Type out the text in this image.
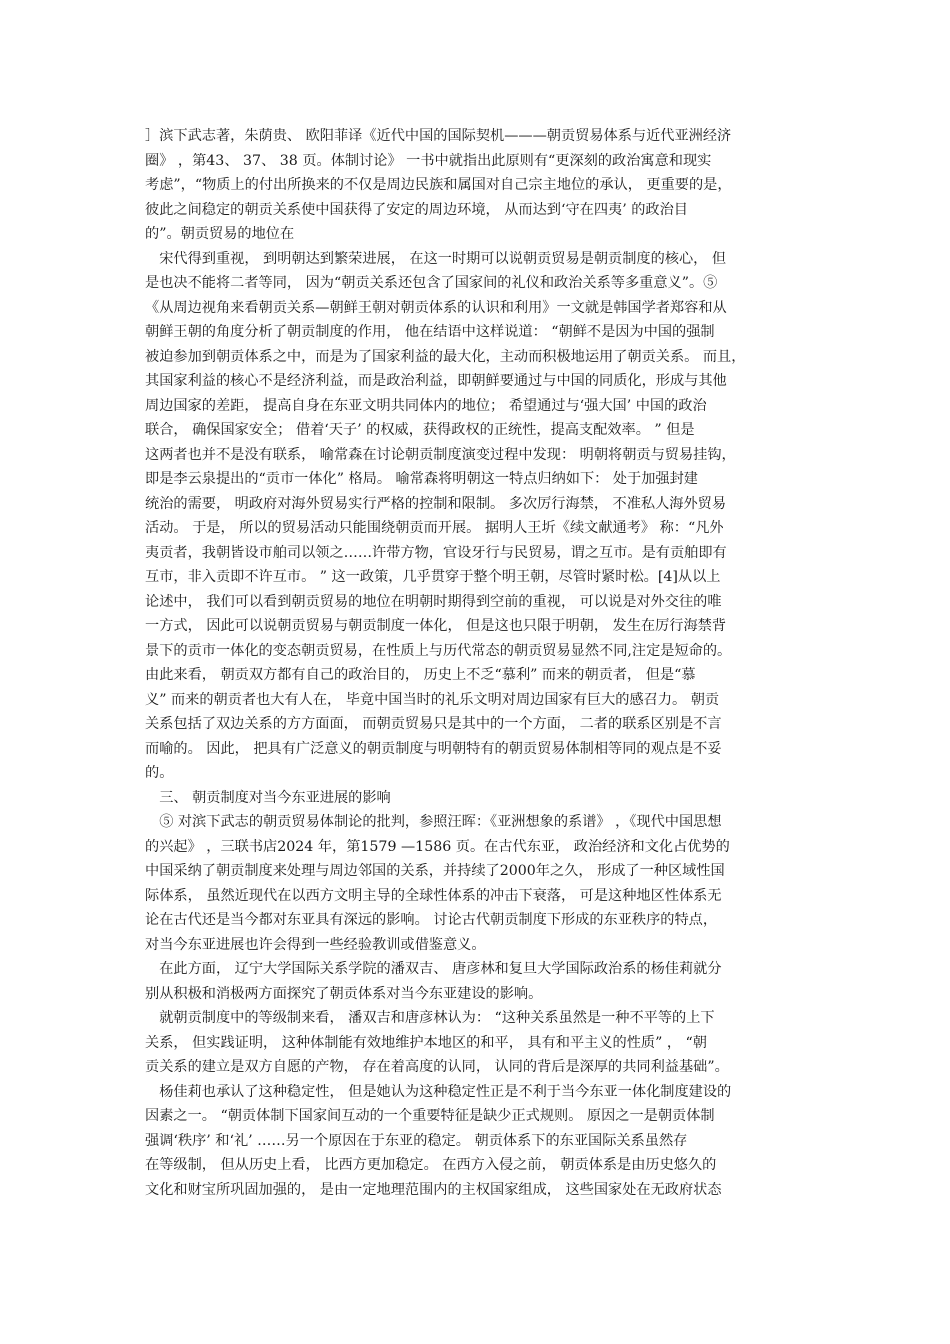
］滨下武志著，朱荫贵、 欧阳菲译《近代中国的国际契机———朝贡贸易体系与近代亚洲经济
圈》 ，第43、 37、 38 页。体制讨论》 一书中就指出此原则有“更深刻的政治寓意和现实
考虑”，“物质上的付出所换来的不仅是周边民族和属国对自己宗主地位的承认， 更重要的是，
彼此之间稳定的朝贡关系使中国获得了安定的周边环境， 从而达到‘守在四夷’ 的政治目
的”。朝贡贸易的地位在
　宋代得到重视， 到明朝达到繁荣进展， 在这一时期可以说朝贡贸易是朝贡制度的核心， 但
是也决不能将二者等同， 因为“朝贡关系还包含了国家间的礼仪和政治关系等多重意义”。⑤
《从周边视角来看朝贡关系—朝鲜王朝对朝贡体系的认识和利用》一文就是韩国学者郑容和从
朝鲜王朝的角度分析了朝贡制度的作用， 他在结语中这样说道： “朝鲜不是因为中国的强制
被迫参加到朝贡体系之中，而是为了国家利益的最大化，主动而积极地运用了朝贡关系。 而且，
其国家利益的核心不是经济利益，而是政治利益，即朝鲜要通过与中国的同质化，形成与其他
周边国家的差距， 提高自身在东亚文明共同体内的地位； 希望通过与‘强大国’ 中国的政治
联合， 确保国家安全； 借着‘天子’ 的权威，获得政权的正统性，提高支配效率。 ” 但是
这两者也并不是没有联系， 喻常森在讨论朝贡制度演变过程中发现： 明朝将朝贡与贸易挂钩，
即是李云泉提出的“贡市一体化” 格局。 喻常森将明朝这一特点归纳如下： 处于加强封建
统治的需要， 明政府对海外贸易实行严格的控制和限制。 多次厉行海禁， 不准私人海外贸易
活动。 于是， 所以的贸易活动只能围绕朝贡而开展。 据明人王圻《续文献通考》 称：“凡外
夷贡者，我朝皆设市舶司以领之……许带方物，官设牙行与民贸易，谓之互市。是有贡舶即有
互市，非入贡即不许互市。 ” 这一政策，几乎贯穿于整个明王朝，尽管时紧时松。[4]从以上
论述中， 我们可以看到朝贡贸易的地位在明朝时期得到空前的重视， 可以说是对外交往的唯
一方式， 因此可以说朝贡贸易与朝贡制度一体化， 但是这也只限于明朝， 发生在厉行海禁背
景下的贡市一体化的变态朝贡贸易，在性质上与历代常态的朝贡贸易显然不同,注定是短命的。
由此来看， 朝贡双方都有自己的政治目的， 历史上不乏“慕利” 而来的朝贡者， 但是“慕
义” 而来的朝贡者也大有人在， 毕竟中国当时的礼乐文明对周边国家有巨大的感召力。 朝贡
关系包括了双边关系的方方面面， 而朝贡贸易只是其中的一个方面， 二者的联系区别是不言
而喻的。 因此， 把具有广泛意义的朝贡制度与明朝特有的朝贡贸易体制相等同的观点是不妥
的。
　三、 朝贡制度对当今东亚进展的影响
　⑤ 对滨下武志的朝贡贸易体制论的批判，参照汪晖：《亚洲想象的系谱》 ，《现代中国思想
的兴起》 ，三联书店2024 年，第1579 —1586 页。在古代东亚， 政治经济和文化占优势的
中国采纳了朝贡制度来处理与周边邻国的关系，并持续了2000年之久， 形成了一种区域性国
际体系， 虽然近现代在以西方文明主导的全球性体系的冲击下衰落， 可是这种地区性体系无
论在古代还是当今都对东亚具有深远的影响。 讨论古代朝贡制度下形成的东亚秩序的特点，
对当今东亚进展也许会得到一些经验教训或借鉴意义。
　在此方面， 辽宁大学国际关系学院的潘双吉、 唐彦林和复旦大学国际政治系的杨佳莉就分
别从积极和消极两方面探究了朝贡体系对当今东亚建设的影响。
　就朝贡制度中的等级制来看， 潘双吉和唐彦林认为： “这种关系虽然是一种不平等的上下
关系， 但实践证明， 这种体制能有效地维护本地区的和平， 具有和平主义的性质” ， “朝
贡关系的建立是双方自愿的产物， 存在着高度的认同， 认同的背后是深厚的共同利益基础”。
　杨佳莉也承认了这种稳定性， 但是她认为这种稳定性正是不利于当今东亚一体化制度建设的
因素之一。 “朝贡体制下国家间互动的一个重要特征是缺少正式规则。 原因之一是朝贡体制
强调‘秩序’ 和‘礼’ ……另一个原因在于东亚的稳定。 朝贡体系下的东亚国际关系虽然存
在等级制， 但从历史上看， 比西方更加稳定。 在西方入侵之前， 朝贡体系是由历史悠久的
文化和财宝所巩固加强的， 是由一定地理范围内的主权国家组成， 这些国家处在无政府状态
